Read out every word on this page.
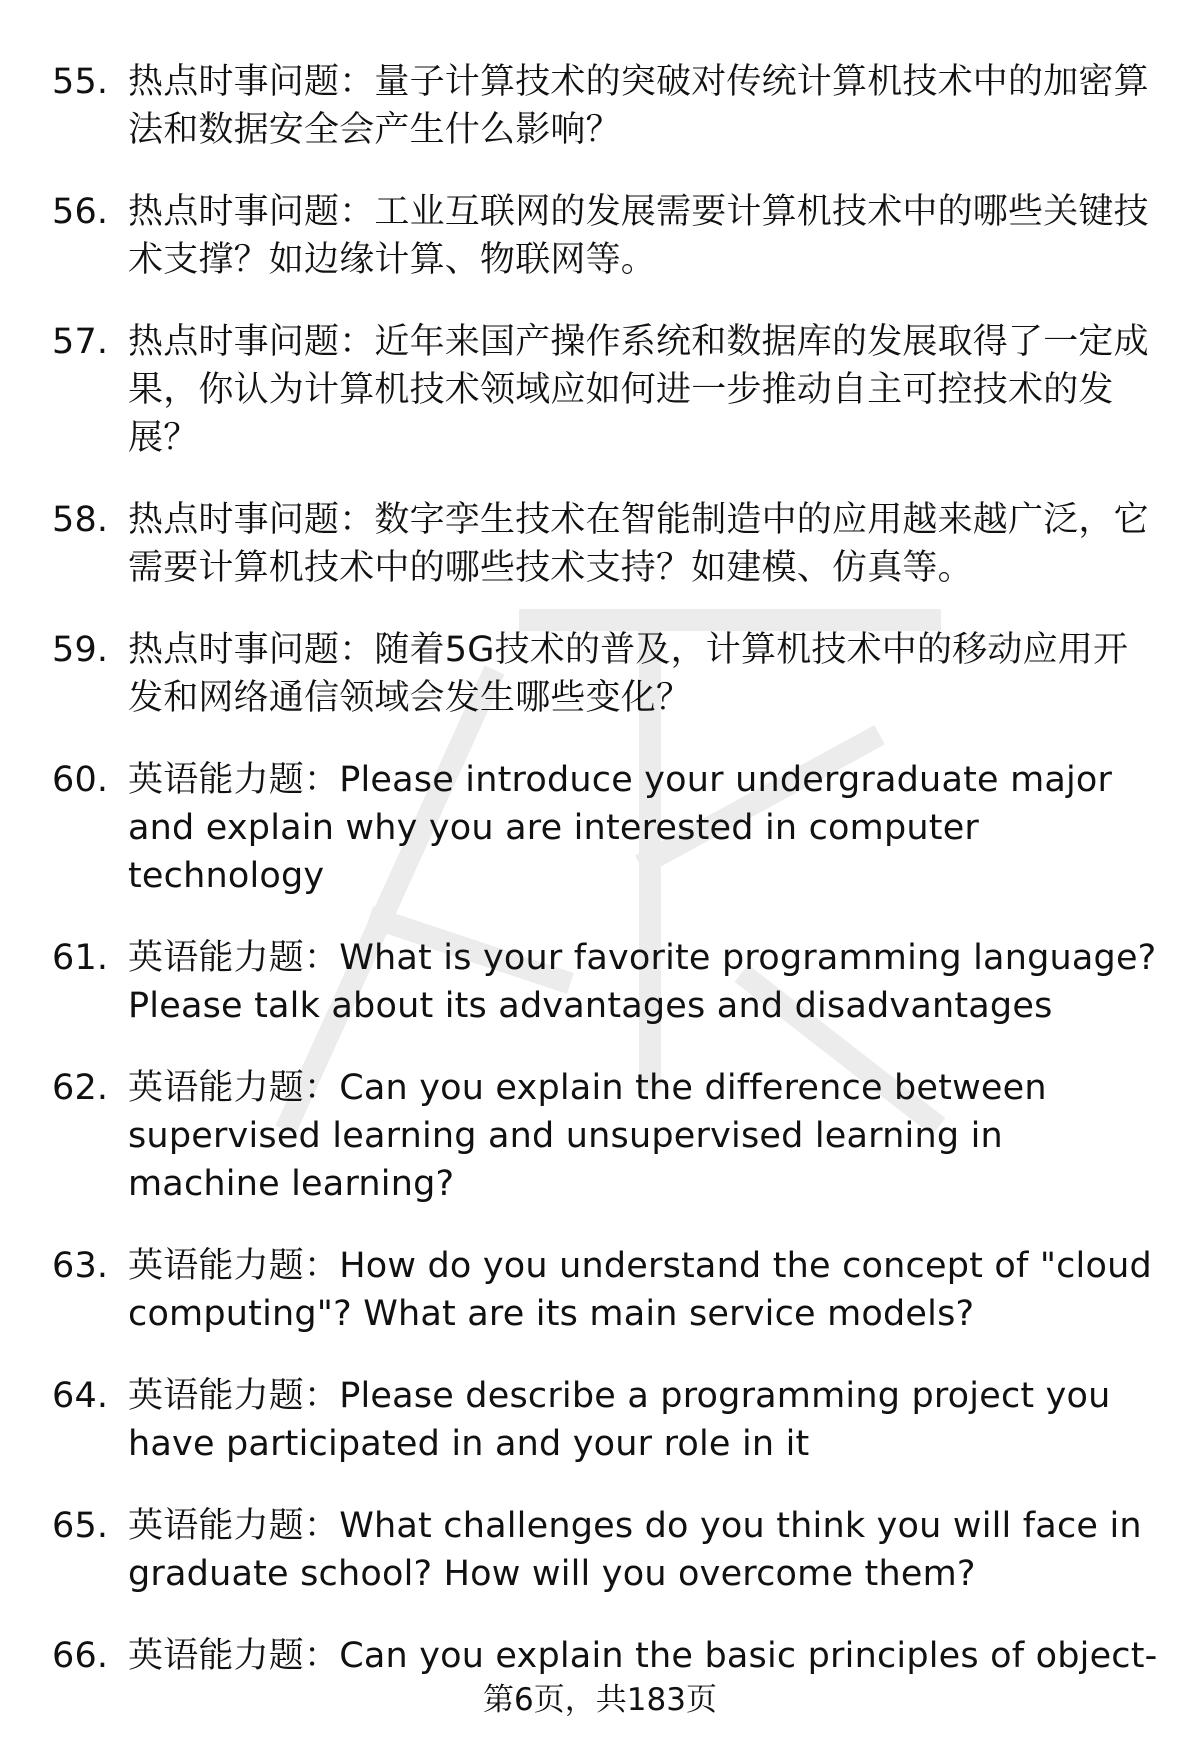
55. 热点时事问题：量子计算技术的突破对传统计算机技术中的加密算法和数据安全会产生什么影响？
56. 热点时事问题：工业互联网的发展需要计算机技术中的哪些关键技术支撑？如边缘计算、物联网等。
57. 热点时事问题：近年来国产操作系统和数据库的发展取得了一定成果，你认为计算机技术领域应如何进一步推动自主可控技术的发展？
58. 热点时事问题：数字孪生技术在智能制造中的应用越来越广泛，它需要计算机技术中的哪些技术支持？如建模、仿真等。
59. 热点时事问题：随着5G技术的普及，计算机技术中的移动应用开发和网络通信领域会发生哪些变化？
60. 英语能力题：Please introduce your undergraduate major and explain why you are interested in computer technology
61. 英语能力题：What is your favorite programming language? Please talk about its advantages and disadvantages
62. 英语能力题：Can you explain the difference between supervised learning and unsupervised learning in machine learning?
63. 英语能力题：How do you understand the concept of "cloud computing"? What are its main service models?
64. 英语能力题：Please describe a programming project you have participated in and your role in it
65. 英语能力题：What challenges do you think you will face in graduate school? How will you overcome them?
66. 英语能力题：Can you explain the basic principles of object-
第6页，共183页
